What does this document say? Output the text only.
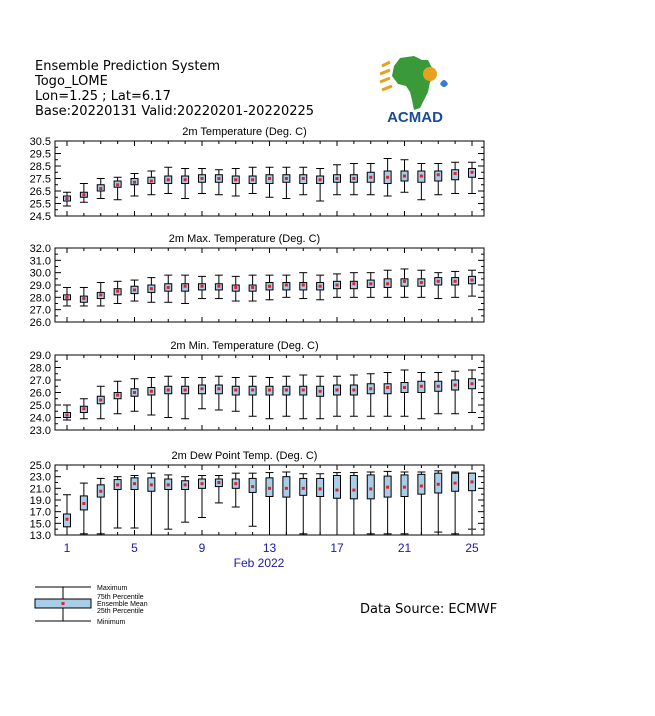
Ensemble Prediction System
Togo_LOME
Lon=1.25 ; Lat=6.17
Base:20220131 Valid:20220201-20220225	ACMAD
2m Temperature (Deg. C)
24.5
25.5
26.5
27.5
28.5
29.5
30.5
2m Max. Temperature (Deg. C)
26.0
27.0
28.0
29.0
30.0
31.0
32.0
2m Min. Temperature (Deg. C)
23.0
24.0
25.0
26.0
27.0
28.0
29.0
2m Dew Point Temp. (Deg. C)
13.0
15.0
17.0
19.0
21.0
23.0
25.0
1	5	9	13	17	21	25
Feb 2022
Maximum
75th Percentile
Ensemble Mean
25th Percentile
Minimum
Data Source: ECMWF
